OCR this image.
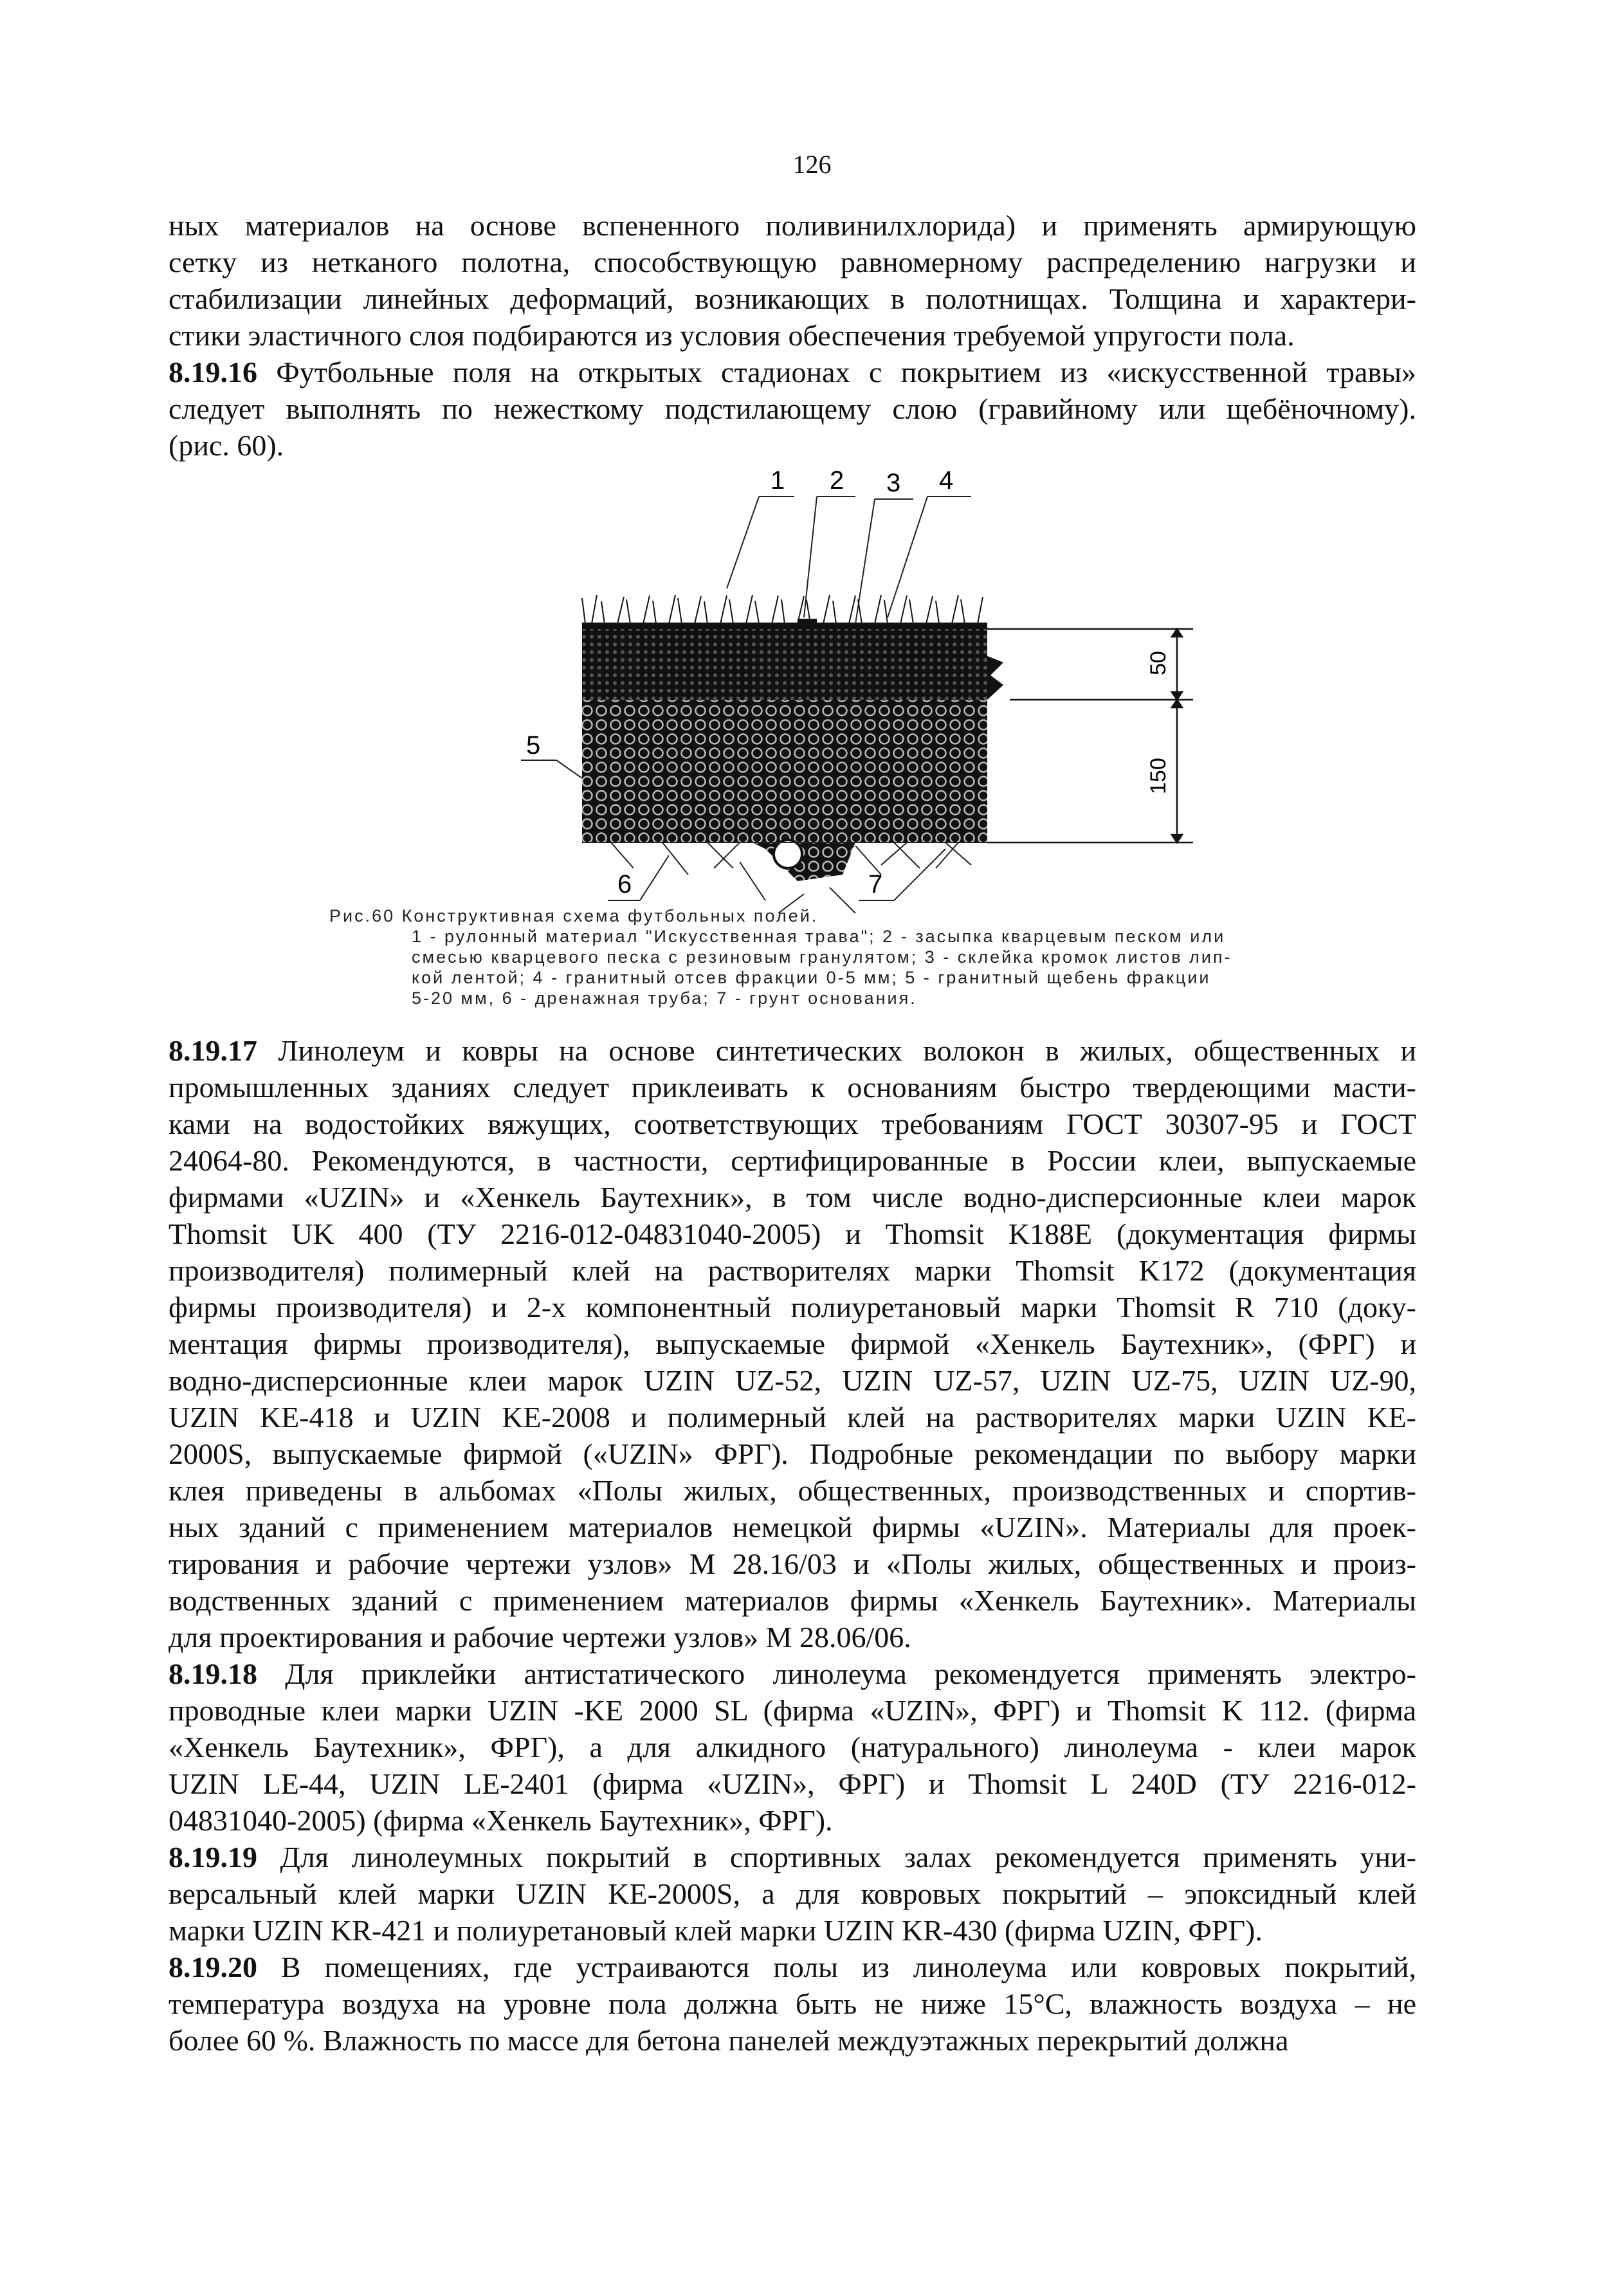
126
ных материалов на основе вспененного поливинилхлорида) и применять армирующую
сетку из нетканого полотна, способствующую равномерному распределению нагрузки и
стабилизации линейных деформаций, возникающих в полотнищах. Толщина и характери-
стики эластичного слоя подбираются из условия обеспечения требуемой упругости пола.
8.19.16 Футбольные поля на открытых стадионах с покрытием из «искусственной травы»
следует выполнять по нежесткому подстилающему слою (гравийному или щебёночному).
(рис. 60).
1 2 3 4
5
6	7
50
150
Рис.60 Конструктивная схема футбольных полей.
1 - рулонный материал "Искусственная трава"; 2 - засыпка кварцевым песком или
смесью кварцевого песка с резиновым гранулятом; 3 - склейка кромок листов лип-
кой лентой; 4 - гранитный отсев фракции 0-5 мм; 5 - гранитный щебень фракции
5-20 мм, 6 - дренажная труба; 7 - грунт основания.
8.19.17 Линолеум и ковры на основе синтетических волокон в жилых, общественных и
промышленных зданиях следует приклеивать к основаниям быстро твердеющими масти-
ками на водостойких вяжущих, соответствующих требованиям ГОСТ 30307-95 и ГОСТ
24064-80. Рекомендуются, в частности, сертифицированные в России клеи, выпускаемые
фирмами «UZIN» и «Хенкель Баутехник», в том числе водно-дисперсионные клеи марок
Thomsit UK 400 (ТУ 2216-012-04831040-2005) и Thomsit K188E (документация фирмы
производителя) полимерный клей на растворителях марки Thomsit K172 (документация
фирмы производителя) и 2-х компонентный полиуретановый марки Thomsit R 710 (доку-
ментация фирмы производителя), выпускаемые фирмой «Хенкель Баутехник», (ФРГ) и
водно-дисперсионные клеи марок UZIN UZ-52, UZIN UZ-57, UZIN UZ-75, UZIN UZ-90,
UZIN KE-418 и UZIN KE-2008 и полимерный клей на растворителях марки UZIN KE-
2000S, выпускаемые фирмой («UZIN» ФРГ). Подробные рекомендации по выбору марки
клея приведены в альбомах «Полы жилых, общественных, производственных и спортив-
ных зданий с применением материалов немецкой фирмы «UZIN». Материалы для проек-
тирования и рабочие чертежи узлов» М 28.16/03 и «Полы жилых, общественных и произ-
водственных зданий с применением материалов фирмы «Хенкель Баутехник». Материалы
для проектирования и рабочие чертежи узлов» М 28.06/06.
8.19.18 Для приклейки антистатического линолеума рекомендуется применять электро-
проводные клеи марки UZIN -KE 2000 SL (фирма «UZIN», ФРГ) и Thomsit K 112. (фирма
«Хенкель Баутехник», ФРГ), а для алкидного (натурального) линолеума - клеи марок
UZIN LE-44, UZIN LE-2401 (фирма «UZIN», ФРГ) и Thomsit L 240D (ТУ 2216-012-
04831040-2005) (фирма «Хенкель Баутехник», ФРГ).
8.19.19 Для линолеумных покрытий в спортивных залах рекомендуется применять уни-
версальный клей марки UZIN KE-2000S, а для ковровых покрытий – эпоксидный клей
марки UZIN KR-421 и полиуретановый клей марки UZIN KR-430 (фирма UZIN, ФРГ).
8.19.20 В помещениях, где устраиваются полы из линолеума или ковровых покрытий,
температура воздуха на уровне пола должна быть не ниже 15°С, влажность воздуха – не
более 60 %. Влажность по массе для бетона панелей междуэтажных перекрытий должна
